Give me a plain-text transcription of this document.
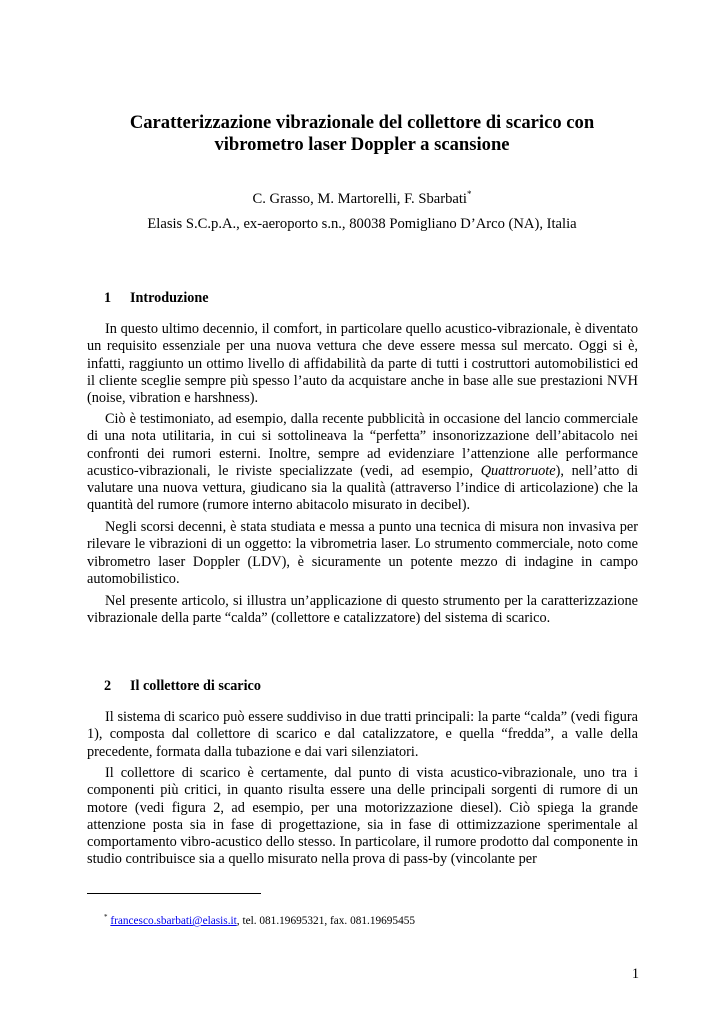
Caratterizzazione vibrazionale del collettore di scarico con
vibrometro laser Doppler a scansione
C. Grasso, M. Martorelli, F. Sbarbati*
Elasis S.C.p.A., ex-aeroporto s.n., 80038 Pomigliano D’Arco (NA), Italia
1 Introduzione

In questo ultimo decennio, il comfort, in particolare quello acustico-vibrazionale, è diventato un requisito essenziale per una nuova vettura che deve essere messa sul mercato. Oggi si è, infatti, raggiunto un ottimo livello di affidabilità da parte di tutti i costruttori automobilistici ed il cliente sceglie sempre più spesso l’auto da acquistare anche in base alle sue prestazioni NVH (noise, vibration e harshness).

Ciò è testimoniato, ad esempio, dalla recente pubblicità in occasione del lancio commerciale di una nota utilitaria, in cui si sottolineava la “perfetta” insonorizzazione dell’abitacolo nei confronti dei rumori esterni. Inoltre, sempre ad evidenziare l’attenzione alle performance acustico-vibrazionali, le riviste specializzate (vedi, ad esempio, Quattroruote), nell’atto di valutare una nuova vettura, giudicano sia la qualità (attraverso l’indice di articolazione) che la quantità del rumore (rumore interno abitacolo misurato in decibel).

Negli scorsi decenni, è stata studiata e messa a punto una tecnica di misura non invasiva per rilevare le vibrazioni di un oggetto: la vibrometria laser. Lo strumento commerciale, noto come vibrometro laser Doppler (LDV), è sicuramente un potente mezzo di indagine in campo automobilistico.

Nel presente articolo, si illustra un’applicazione di questo strumento per la caratterizzazione vibrazionale della parte “calda” (collettore e catalizzatore) del sistema di scarico.

2 Il collettore di scarico

Il sistema di scarico può essere suddiviso in due tratti principali: la parte “calda” (vedi figura 1), composta dal collettore di scarico e dal catalizzatore, e quella “fredda”, a valle della precedente, formata dalla tubazione e dai vari silenziatori.

Il collettore di scarico è certamente, dal punto di vista acustico-vibrazionale, uno tra i componenti più critici, in quanto risulta essere una delle principali sorgenti di rumore di un motore (vedi figura 2, ad esempio, per una motorizzazione diesel). Ciò spiega la grande attenzione posta sia in fase di progettazione, sia in fase di ottimizzazione sperimentale al comportamento vibro-acustico dello stesso. In particolare, il rumore prodotto dal componente in studio contribuisce sia a quello misurato nella prova di pass-by (vincolante per

* francesco.sbarbati@elasis.it, tel. 081.19695321, fax. 081.19695455
1
